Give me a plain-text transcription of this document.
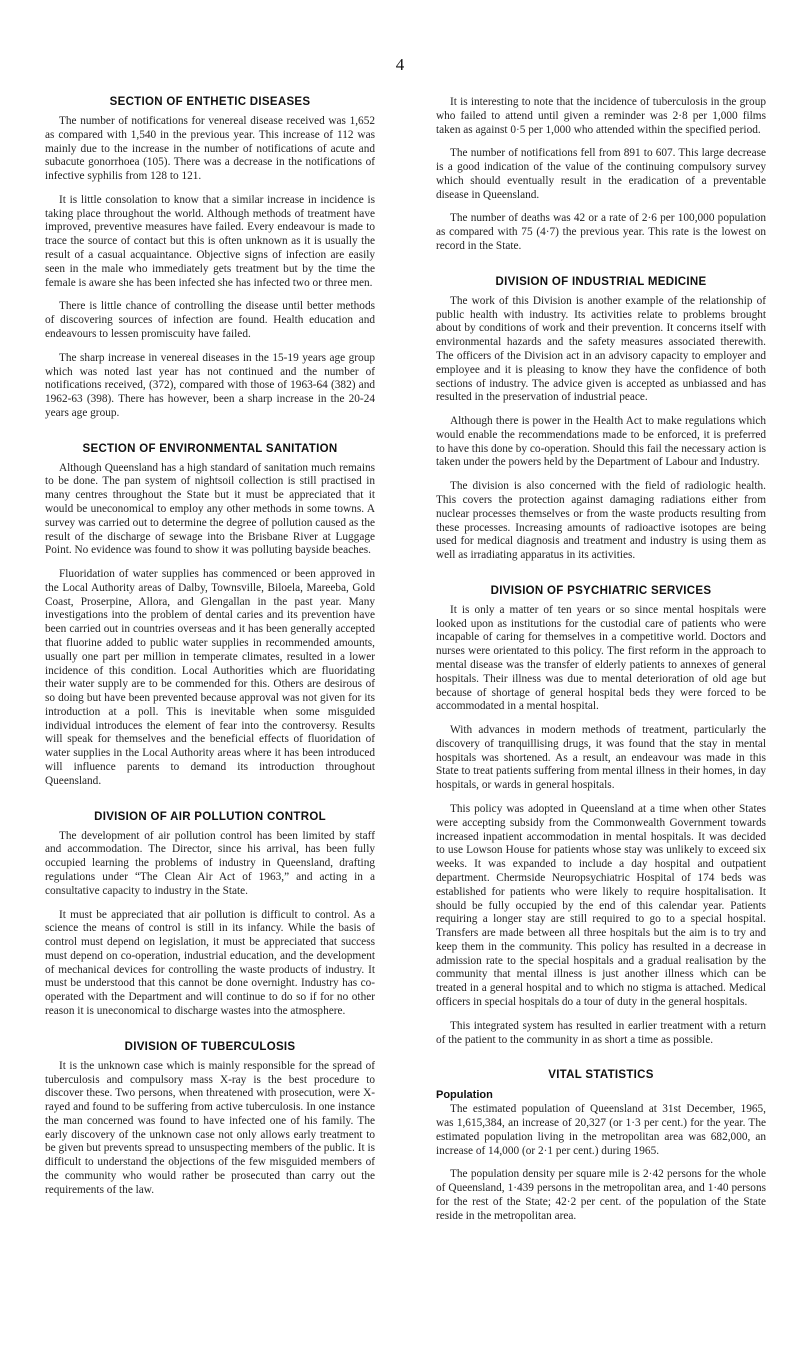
4
SECTION OF ENTHETIC DISEASES

The number of notifications for venereal disease received was 1,652 as compared with 1,540 in the previous year. This increase of 112 was mainly due to the increase in the number of notifications of acute and subacute gonorrhoea (105). There was a decrease in the notifications of infective syphilis from 128 to 121.

It is little consolation to know that a similar increase in incidence is taking place throughout the world. Although methods of treatment have improved, preventive measures have failed. Every endeavour is made to trace the source of contact but this is often unknown as it is usually the result of a casual acquaintance. Objective signs of infection are easily seen in the male who immediately gets treatment but by the time the female is aware she has been infected she has infected two or three men.

There is little chance of controlling the disease until better methods of discovering sources of infection are found. Health education and endeavours to lessen promiscuity have failed.

The sharp increase in venereal diseases in the 15-19 years age group which was noted last year has not continued and the number of notifications received, (372), compared with those of 1963-64 (382) and 1962-63 (398). There has however, been a sharp increase in the 20-24 years age group.

SECTION OF ENVIRONMENTAL SANITATION

Although Queensland has a high standard of sanitation much remains to be done. The pan system of nightsoil collection is still practised in many centres throughout the State but it must be appreciated that it would be uneconomical to employ any other methods in some towns. A survey was carried out to determine the degree of pollution caused as the result of the discharge of sewage into the Brisbane River at Luggage Point. No evidence was found to show it was polluting bayside beaches.

Fluoridation of water supplies has commenced or been approved in the Local Authority areas of Dalby, Townsville, Biloela, Mareeba, Gold Coast, Proserpine, Allora, and Glengallan in the past year. Many investigations into the problem of dental caries and its prevention have been carried out in countries overseas and it has been generally accepted that fluorine added to public water supplies in recommended amounts, usually one part per million in temperate climates, resulted in a lower incidence of this condition. Local Authorities which are fluoridating their water supply are to be commended for this. Others are desirous of so doing but have been prevented because approval was not given for its introduction at a poll. This is inevitable when some misguided individual introduces the element of fear into the controversy. Results will speak for themselves and the beneficial effects of fluoridation of water supplies in the Local Authority areas where it has been introduced will influence parents to demand its introduction throughout Queensland.

DIVISION OF AIR POLLUTION CONTROL

The development of air pollution control has been limited by staff and accommodation. The Director, since his arrival, has been fully occupied learning the problems of industry in Queensland, drafting regulations under “The Clean Air Act of 1963,” and acting in a consultative capacity to industry in the State.

It must be appreciated that air pollution is difficult to control. As a science the means of control is still in its infancy. While the basis of control must depend on legislation, it must be appreciated that success must depend on co-operation, industrial education, and the development of mechanical devices for controlling the waste products of industry. It must be understood that this cannot be done overnight. Industry has co-operated with the Department and will continue to do so if for no other reason it is uneconomical to discharge wastes into the atmosphere.

DIVISION OF TUBERCULOSIS

It is the unknown case which is mainly responsible for the spread of tuberculosis and compulsory mass X-ray is the best procedure to discover these. Two persons, when threatened with prosecution, were X-rayed and found to be suffering from active tuberculosis. In one instance the man concerned was found to have infected one of his family. The early discovery of the unknown case not only allows early treatment to be given but prevents spread to unsuspecting members of the public. It is difficult to understand the objections of the few misguided members of the community who would rather be prosecuted than carry out the requirements of the law.

It is interesting to note that the incidence of tuberculosis in the group who failed to attend until given a reminder was 2·8 per 1,000 films taken as against 0·5 per 1,000 who attended within the specified period.

The number of notifications fell from 891 to 607. This large decrease is a good indication of the value of the continuing compulsory survey which should eventually result in the eradication of a preventable disease in Queensland.

The number of deaths was 42 or a rate of 2·6 per 100,000 population as compared with 75 (4·7) the previous year. This rate is the lowest on record in the State.

DIVISION OF INDUSTRIAL MEDICINE

The work of this Division is another example of the relationship of public health with industry. Its activities relate to problems brought about by conditions of work and their prevention. It concerns itself with environmental hazards and the safety measures associated therewith. The officers of the Division act in an advisory capacity to employer and employee and it is pleasing to know they have the confidence of both sections of industry. The advice given is accepted as unbiassed and has resulted in the preservation of industrial peace.

Although there is power in the Health Act to make regulations which would enable the recommendations made to be enforced, it is preferred to have this done by co-operation. Should this fail the necessary action is taken under the powers held by the Department of Labour and Industry.

The division is also concerned with the field of radiologic health. This covers the protection against damaging radiations either from nuclear processes themselves or from the waste products resulting from these processes. Increasing amounts of radioactive isotopes are being used for medical diagnosis and treatment and industry is using them as well as irradiating apparatus in its activities.

DIVISION OF PSYCHIATRIC SERVICES

It is only a matter of ten years or so since mental hospitals were looked upon as institutions for the custodial care of patients who were incapable of caring for themselves in a competitive world. Doctors and nurses were orientated to this policy. The first reform in the approach to mental disease was the transfer of elderly patients to annexes of general hospitals. Their illness was due to mental deterioration of old age but because of shortage of general hospital beds they were forced to be accommodated in a mental hospital.

With advances in modern methods of treatment, particularly the discovery of tranquillising drugs, it was found that the stay in mental hospitals was shortened. As a result, an endeavour was made in this State to treat patients suffering from mental illness in their homes, in day hospitals, or wards in general hospitals.

This policy was adopted in Queensland at a time when other States were accepting subsidy from the Commonwealth Government towards increased inpatient accommodation in mental hospitals. It was decided to use Lowson House for patients whose stay was unlikely to exceed six weeks. It was expanded to include a day hospital and outpatient department. Chermside Neuropsychiatric Hospital of 174 beds was established for patients who were likely to require hospitalisation. It should be fully occupied by the end of this calendar year. Patients requiring a longer stay are still required to go to a special hospital. Transfers are made between all three hospitals but the aim is to try and keep them in the community. This policy has resulted in a decrease in admission rate to the special hospitals and a gradual realisation by the community that mental illness is just another illness which can be treated in a general hospital and to which no stigma is attached. Medical officers in special hospitals do a tour of duty in the general hospitals.

This integrated system has resulted in earlier treatment with a return of the patient to the community in as short a time as possible.

VITAL STATISTICS
Population

The estimated population of Queensland at 31st December, 1965, was 1,615,384, an increase of 20,327 (or 1·3 per cent.) for the year. The estimated population living in the metropolitan area was 682,000, an increase of 14,000 (or 2·1 per cent.) during 1965.

The population density per square mile is 2·42 persons for the whole of Queensland, 1·439 persons in the metropolitan area, and 1·40 persons for the rest of the State; 42·2 per cent. of the population of the State reside in the metropolitan area.
